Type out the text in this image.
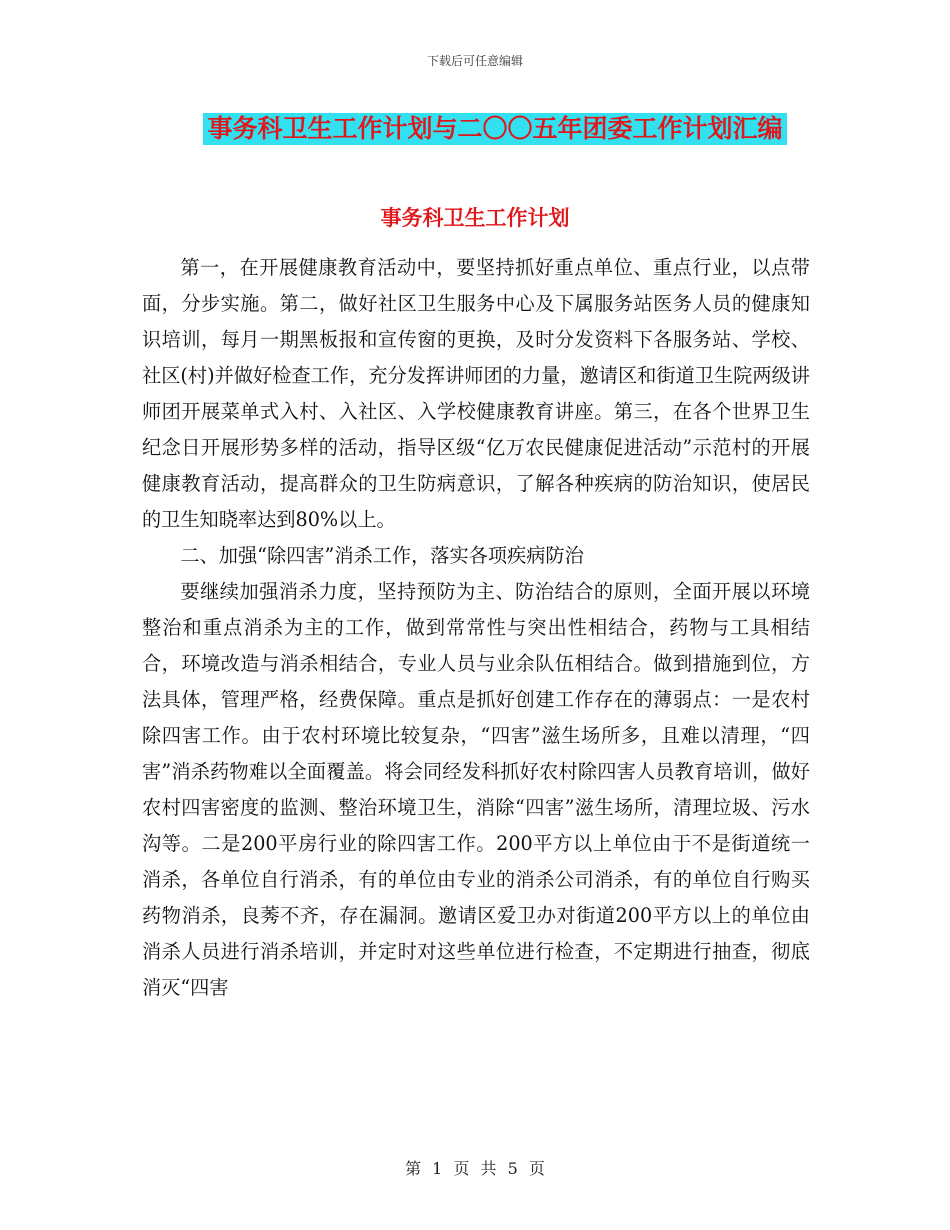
下载后可任意编辑
事务科卫生工作计划与二〇〇五年团委工作计划汇编
事务科卫生工作计划

第一，在开展健康教育活动中，要坚持抓好重点单位、重点行业，以点带面，分步实施。第二，做好社区卫生服务中心及下属服务站医务人员的健康知识培训，每月一期黑板报和宣传窗的更换，及时分发资料下各服务站、学校、社区(村)并做好检查工作，充分发挥讲师团的力量，邀请区和街道卫生院两级讲师团开展菜单式入村、入社区、入学校健康教育讲座。第三，在各个世界卫生纪念日开展形势多样的活动，指导区级“亿万农民健康促进活动”示范村的开展健康教育活动，提高群众的卫生防病意识，了解各种疾病的防治知识，使居民的卫生知晓率达到80%以上。

二、加强“除四害”消杀工作，落实各项疾病防治

要继续加强消杀力度，坚持预防为主、防治结合的原则，全面开展以环境整治和重点消杀为主的工作，做到常常性与突出性相结合，药物与工具相结合，环境改造与消杀相结合，专业人员与业余队伍相结合。做到措施到位，方法具体，管理严格，经费保障。重点是抓好创建工作存在的薄弱点：一是农村除四害工作。由于农村环境比较复杂，“四害”滋生场所多，且难以清理，“四害”消杀药物难以全面覆盖。将会同经发科抓好农村除四害人员教育培训，做好农村四害密度的监测、整治环境卫生，消除“四害”滋生场所，清理垃圾、污水沟等。二是200平房行业的除四害工作。200平方以上单位由于不是街道统一消杀，各单位自行消杀，有的单位由专业的消杀公司消杀，有的单位自行购买药物消杀，良莠不齐，存在漏洞。邀请区爱卫办对街道200平方以上的单位由消杀人员进行消杀培训，并定时对这些单位进行检查，不定期进行抽查，彻底消灭“四害

第 1 页 共 5 页
